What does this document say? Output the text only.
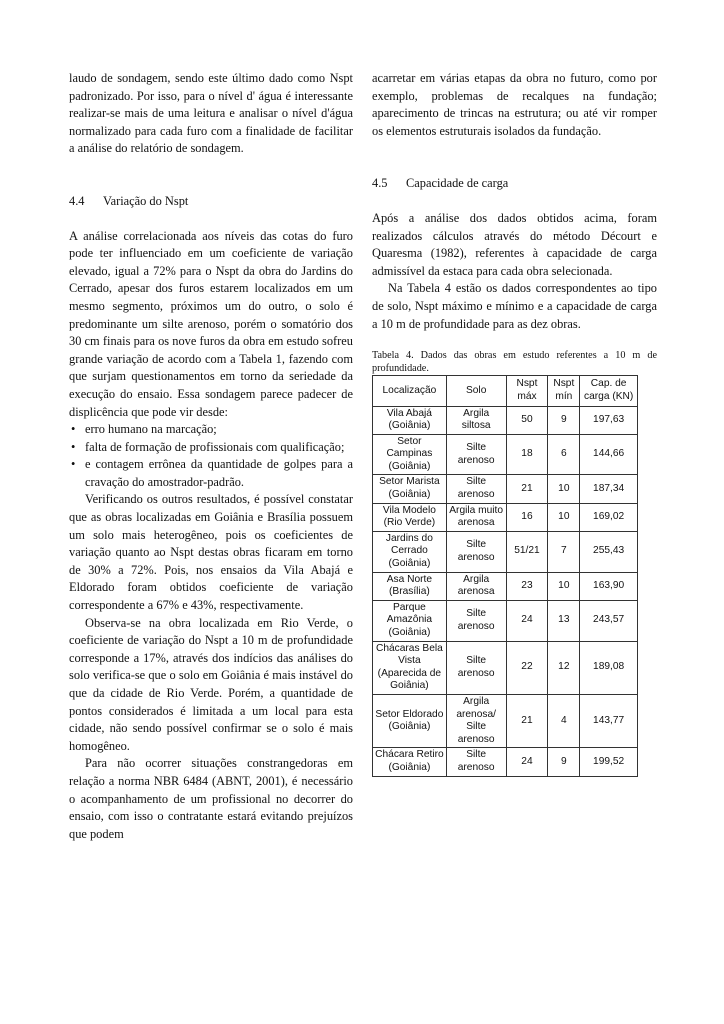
laudo de sondagem, sendo este último dado como Nspt padronizado. Por isso, para o nível d' água é interessante realizar-se mais de uma leitura e analisar o nível d'água normalizado para cada furo com a finalidade de facilitar a análise do relatório de sondagem.

4.4 Variação do Nspt

A análise correlacionada aos níveis das cotas do furo pode ter influenciado em um coeficiente de variação elevado, igual a 72% para o Nspt da obra do Jardins do Cerrado, apesar dos furos estarem localizados em um mesmo segmento, próximos um do outro, o solo é predominante um silte arenoso, porém o somatório dos 30 cm finais para os nove furos da obra em estudo sofreu grande variação de acordo com a Tabela 1, fazendo com que surjam questionamentos em torno da seriedade da execução do ensaio. Essa sondagem parece padecer de displicência que pode vir desde:

• erro humano na marcação;
• falta de formação de profissionais com qualificação;
• e contagem errônea da quantidade de golpes para a cravação do amostrador-padrão.

Verificando os outros resultados, é possível constatar que as obras localizadas em Goiânia e Brasília possuem um solo mais heterogêneo, pois os coeficientes de variação quanto ao Nspt destas obras ficaram em torno de 30% a 72%. Pois, nos ensaios da Vila Abajá e Eldorado foram obtidos coeficiente de variação correspondente a 67% e 43%, respectivamente.

Observa-se na obra localizada em Rio Verde, o coeficiente de variação do Nspt a 10 m de profundidade corresponde a 17%, através dos indícios das análises do solo verifica-se que o solo em Goiânia é mais instável do que da cidade de Rio Verde. Porém, a quantidade de pontos considerados é limitada a um local para esta cidade, não sendo possível confirmar se o solo é mais homogêneo.

Para não ocorrer situações constrangedoras em relação a norma NBR 6484 (ABNT, 2001), é necessário o acompanhamento de um profissional no decorrer do ensaio, com isso o contratante estará evitando prejuízos que podem

acarretar em várias etapas da obra no futuro, como por exemplo, problemas de recalques na fundação; aparecimento de trincas na estrutura; ou até vir romper os elementos estruturais isolados da fundação.

4.5 Capacidade de carga

Após a análise dos dados obtidos acima, foram realizados cálculos através do método Décourt e Quaresma (1982), referentes à capacidade de carga admissível da estaca para cada obra selecionada.

Na Tabela 4 estão os dados correspondentes ao tipo de solo, Nspt máximo e mínimo e a capacidade de carga a 10 m de profundidade para as dez obras.

Tabela 4. Dados das obras em estudo referentes a 10 m de profundidade.

Localização	Solo	Nspt máx	Nspt mín	Cap. de carga (KN)
Vila Abajá (Goiânia)	Argila siltosa	50	9	197,63
Setor Campinas (Goiânia)	Silte arenoso	18	6	144,66
Setor Marista (Goiânia)	Silte arenoso	21	10	187,34
Vila Modelo (Rio Verde)	Argila muito arenosa	16	10	169,02
Jardins do Cerrado (Goiânia)	Silte arenoso	51/21	7	255,43
Asa Norte (Brasília)	Argila arenosa	23	10	163,90
Parque Amazônia (Goiânia)	Silte arenoso	24	13	243,57
Chácaras Bela Vista (Aparecida de Goiânia)	Silte arenoso	22	12	189,08
Setor Eldorado (Goiânia)	Argila arenosa/ Silte arenoso	21	4	143,77
Chácara Retiro (Goiânia)	Silte arenoso	24	9	199,52
